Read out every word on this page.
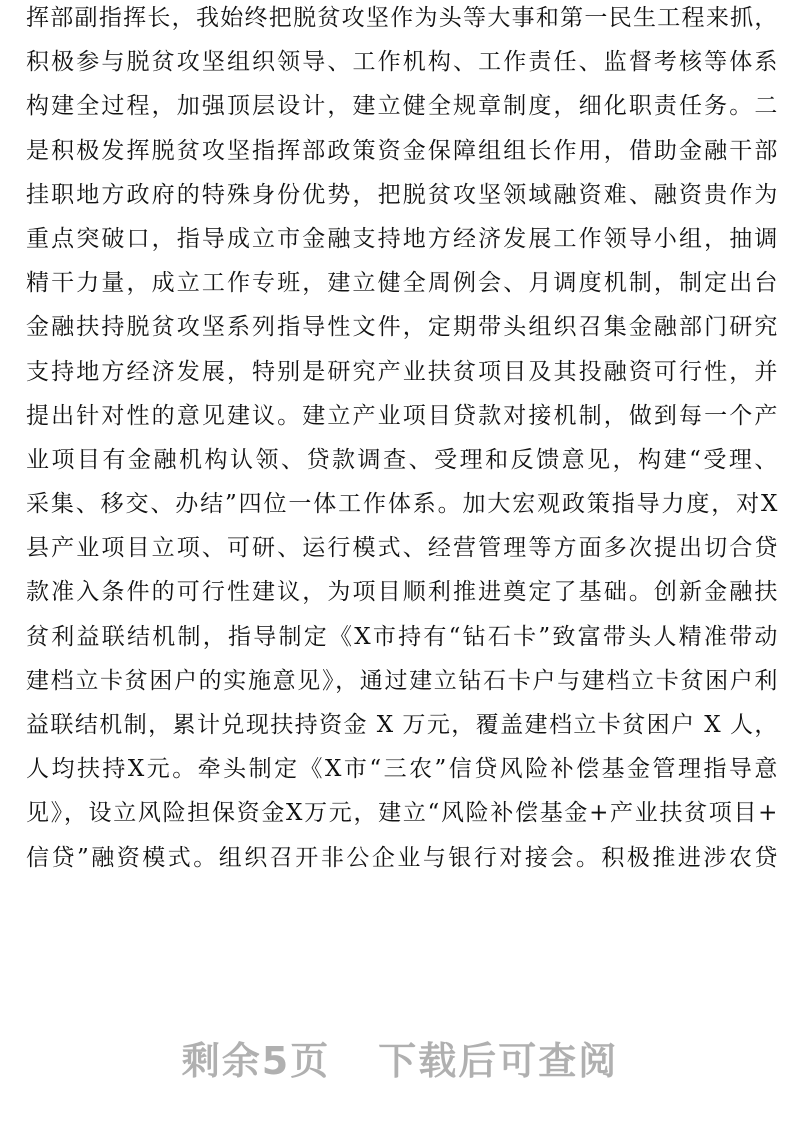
挥部副指挥长，我始终把脱贫攻坚作为头等大事和第一民生工程来抓，
积极参与脱贫攻坚组织领导、工作机构、工作责任、监督考核等体系
构建全过程，加强顶层设计，建立健全规章制度，细化职责任务。二
是积极发挥脱贫攻坚指挥部政策资金保障组组长作用，借助金融干部
挂职地方政府的特殊身份优势，把脱贫攻坚领域融资难、融资贵作为
重点突破口，指导成立市金融支持地方经济发展工作领导小组，抽调
精干力量，成立工作专班，建立健全周例会、月调度机制，制定出台
金融扶持脱贫攻坚系列指导性文件，定期带头组织召集金融部门研究
支持地方经济发展，特别是研究产业扶贫项目及其投融资可行性，并
提出针对性的意见建议。建立产业项目贷款对接机制，做到每一个产
业项目有金融机构认领、贷款调查、受理和反馈意见，构建“受理、
采集、移交、办结”四位一体工作体系。加大宏观政策指导力度，对X
县产业项目立项、可研、运行模式、经营管理等方面多次提出切合贷
款准入条件的可行性建议，为项目顺利推进奠定了基础。创新金融扶
贫利益联结机制，指导制定《X市持有“钻石卡”致富带头人精准带动
建档立卡贫困户的实施意见》，通过建立钻石卡户与建档立卡贫困户利
益联结机制，累计兑现扶持资金 X 万元，覆盖建档立卡贫困户 X 人，
人均扶持X元。牵头制定《X市“三农”信贷风险补偿基金管理指导意
见》，设立风险担保资金X万元，建立“风险补偿基金+产业扶贫项目+
信贷”融资模式。组织召开非公企业与银行对接会。积极推进涉农贷
剩余5页 下载后可查阅
